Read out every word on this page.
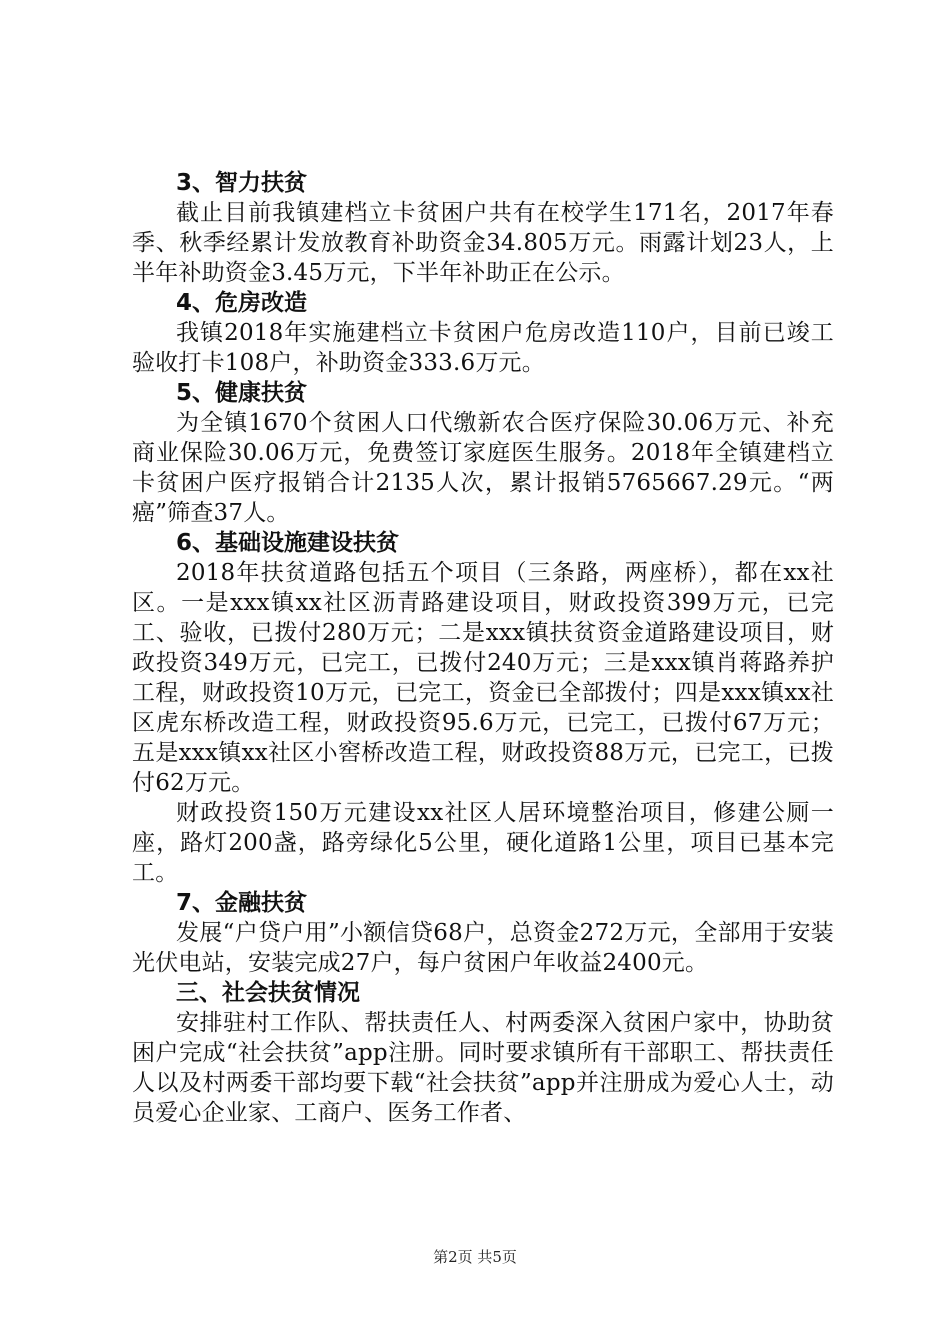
3、智力扶贫

截止目前我镇建档立卡贫困户共有在校学生171名，2017年春季、秋季经累计发放教育补助资金34.805万元。雨露计划23人，上半年补助资金3.45万元，下半年补助正在公示。

4、危房改造

我镇2018年实施建档立卡贫困户危房改造110户，目前已竣工验收打卡108户，补助资金333.6万元。

5、健康扶贫

为全镇1670个贫困人口代缴新农合医疗保险30.06万元、补充商业保险30.06万元，免费签订家庭医生服务。2018年全镇建档立卡贫困户医疗报销合计2135人次，累计报销5765667.29元。“两癌”筛查37人。

6、基础设施建设扶贫

2018年扶贫道路包括五个项目（三条路，两座桥），都在xx社区。一是xxx镇xx社区沥青路建设项目，财政投资399万元，已完工、验收，已拨付280万元；二是xxx镇扶贫资金道路建设项目，财政投资349万元，已完工，已拨付240万元；三是xxx镇肖蒋路养护工程，财政投资10万元，已完工，资金已全部拨付；四是xxx镇xx社区虎东桥改造工程，财政投资95.6万元，已完工，已拨付67万元；五是xxx镇xx社区小窖桥改造工程，财政投资88万元，已完工，已拨付62万元。

财政投资150万元建设xx社区人居环境整治项目，修建公厕一座，路灯200盏，路旁绿化5公里，硬化道路1公里，项目已基本完工。

7、金融扶贫

发展“户贷户用”小额信贷68户，总资金272万元，全部用于安装光伏电站，安装完成27户，每户贫困户年收益2400元。

三、社会扶贫情况

安排驻村工作队、帮扶责任人、村两委深入贫困户家中，协助贫困户完成“社会扶贫”app注册。同时要求镇所有干部职工、帮扶责任人以及村两委干部均要下载“社会扶贫”app并注册成为爱心人士，动员爱心企业家、工商户、医务工作者、

第2页 共5页
